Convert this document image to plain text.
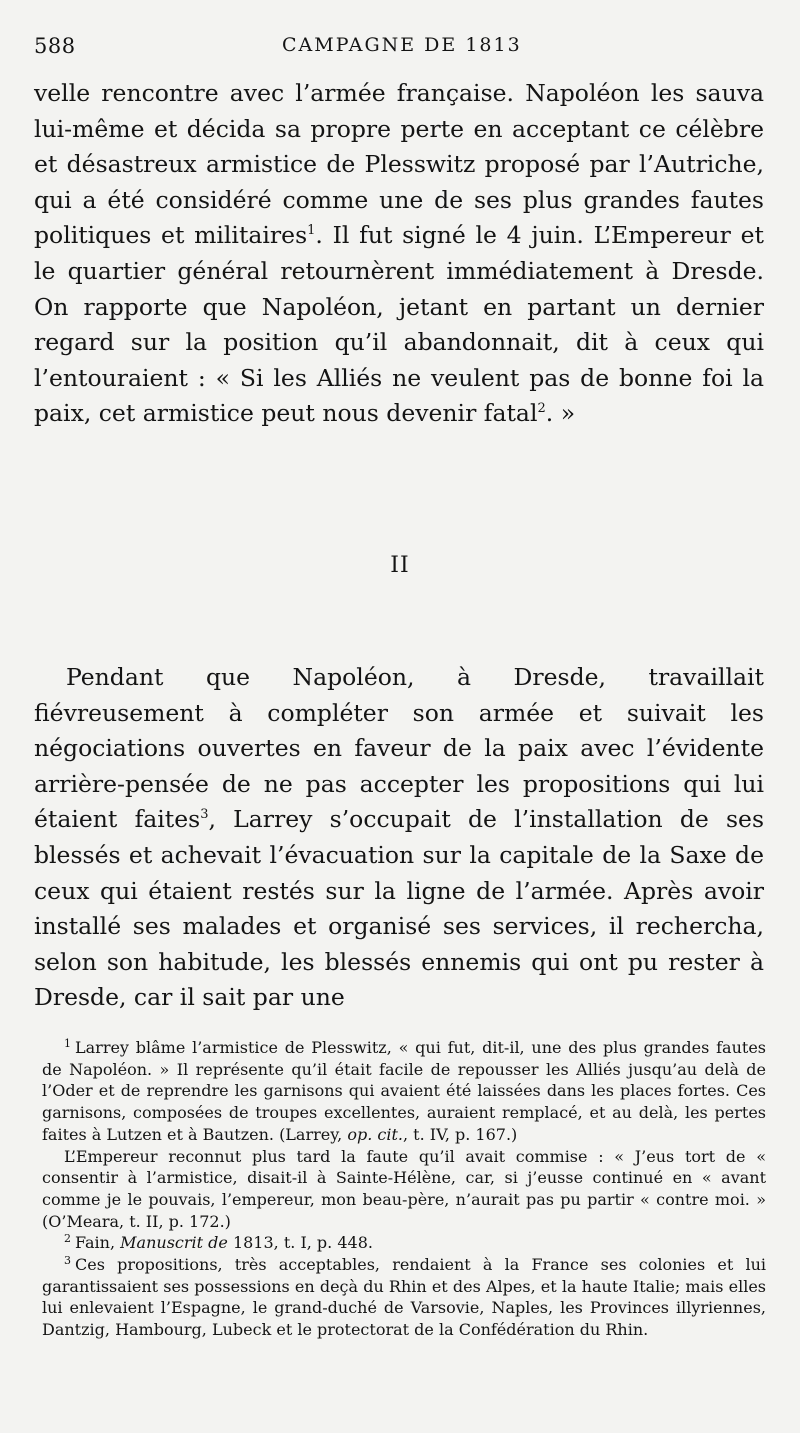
588	CAMPAGNE DE 1813

velle rencontre avec l’armée française. Napoléon les sauva lui-même et décida sa propre perte en acceptant ce célèbre et désastreux armistice de Plesswitz proposé par l’Autriche, qui a été considéré comme une de ses plus grandes fautes politiques et militaires$^1$. Il fut signé le 4 juin. L’Empereur et le quartier général retournèrent immédiatement à Dresde. On rapporte que Napoléon, jetant en partant un dernier regard sur la position qu’il abandonnait, dit à ceux qui l’entouraient : « Si les Alliés ne veulent pas de bonne foi la paix, cet armistice peut nous devenir fatal$^2$. »

II

Pendant que Napoléon, à Dresde, travaillait fiévreusement à compléter son armée et suivait les négociations ouvertes en faveur de la paix avec l’évidente arrière-pensée de ne pas accepter les propositions qui lui étaient faites$^3$, Larrey s’occupait de l’installation de ses blessés et achevait l’évacuation sur la capitale de la Saxe de ceux qui étaient restés sur la ligne de l’armée. Après avoir installé ses malades et organisé ses services, il rechercha, selon son habitude, les blessés ennemis qui ont pu rester à Dresde, car il sait par une

$^1$ Larrey blâme l’armistice de Plesswitz, « qui fut, dit-il, une des plus grandes fautes de Napoléon. » Il représente qu’il était facile de repousser les Alliés jusqu’au delà de l’Oder et de reprendre les garnisons qui avaient été laissées dans les places fortes. Ces garnisons, composées de troupes excellentes, auraient remplacé, et au delà, les pertes faites à Lutzen et à Bautzen. (Larrey, op. cit., t. IV, p. 167.)

L’Empereur reconnut plus tard la faute qu’il avait commise : « J’eus tort de « consentir à l’armistice, disait-il à Sainte-Hélène, car, si j’eusse continué en « avant comme je le pouvais, l’empereur, mon beau-père, n’aurait pas pu partir « contre moi. » (O’Meara, t. II, p. 172.)

$^2$ Fain, Manuscrit de 1813, t. I, p. 448.

$^3$ Ces propositions, très acceptables, rendaient à la France ses colonies et lui garantissaient ses possessions en deçà du Rhin et des Alpes, et la haute Italie; mais elles lui enlevaient l’Espagne, le grand-duché de Varsovie, Naples, les Provinces illyriennes, Dantzig, Hambourg, Lubeck et le protectorat de la Confédération du Rhin.
